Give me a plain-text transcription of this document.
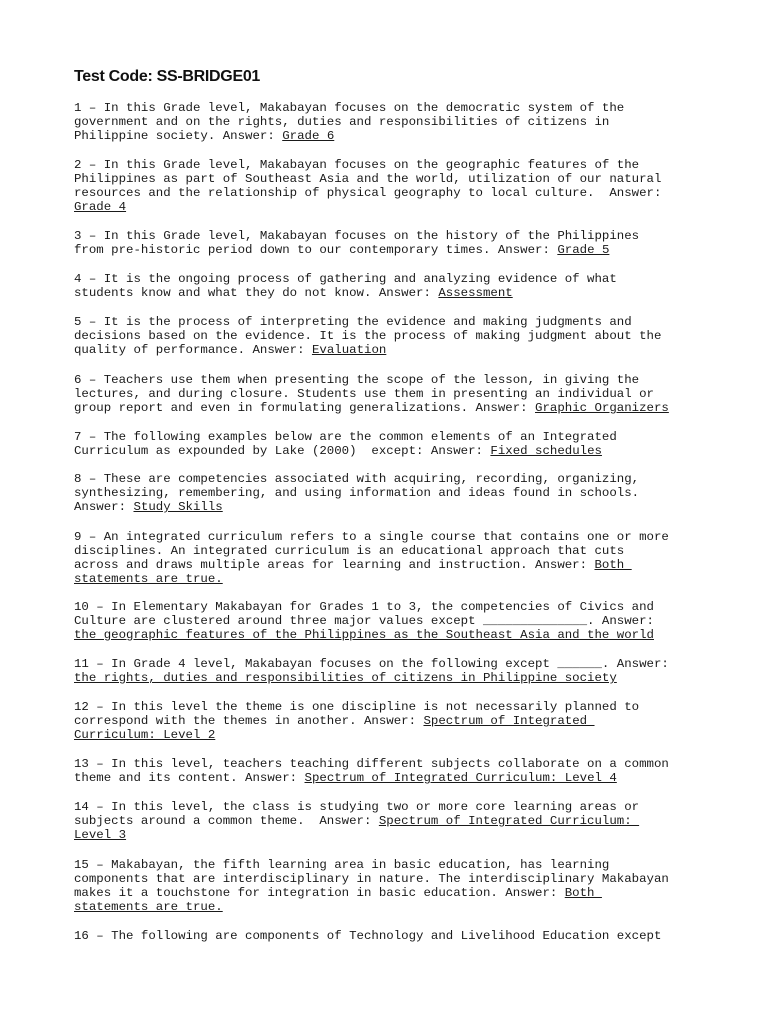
Test Code: SS-BRIDGE01
1 – In this Grade level, Makabayan focuses on the democratic system of the
government and on the rights, duties and responsibilities of citizens in
Philippine society. Answer: Grade 6
2 – In this Grade level, Makabayan focuses on the geographic features of the
Philippines as part of Southeast Asia and the world, utilization of our natural
resources and the relationship of physical geography to local culture.  Answer:
Grade 4
3 – In this Grade level, Makabayan focuses on the history of the Philippines
from pre-historic period down to our contemporary times. Answer: Grade 5
4 – It is the ongoing process of gathering and analyzing evidence of what
students know and what they do not know. Answer: Assessment
5 – It is the process of interpreting the evidence and making judgments and
decisions based on the evidence. It is the process of making judgment about the
quality of performance. Answer: Evaluation
6 – Teachers use them when presenting the scope of the lesson, in giving the
lectures, and during closure. Students use them in presenting an individual or
group report and even in formulating generalizations. Answer: Graphic Organizers
7 – The following examples below are the common elements of an Integrated
Curriculum as expounded by Lake (2000)  except: Answer: Fixed schedules
8 – These are competencies associated with acquiring, recording, organizing,
synthesizing, remembering, and using information and ideas found in schools.
Answer: Study Skills
9 – An integrated curriculum refers to a single course that contains one or more
disciplines. An integrated curriculum is an educational approach that cuts
across and draws multiple areas for learning and instruction. Answer: Both
statements are true.
10 – In Elementary Makabayan for Grades 1 to 3, the competencies of Civics and
Culture are clustered around three major values except ______________. Answer:
the geographic features of the Philippines as the Southeast Asia and the world
11 – In Grade 4 level, Makabayan focuses on the following except ______. Answer:
the rights, duties and responsibilities of citizens in Philippine society
12 – In this level the theme is one discipline is not necessarily planned to
correspond with the themes in another. Answer: Spectrum of Integrated
Curriculum: Level 2
13 – In this level, teachers teaching different subjects collaborate on a common
theme and its content. Answer: Spectrum of Integrated Curriculum: Level 4
14 – In this level, the class is studying two or more core learning areas or
subjects around a common theme.  Answer: Spectrum of Integrated Curriculum:
Level 3
15 – Makabayan, the fifth learning area in basic education, has learning
components that are interdisciplinary in nature. The interdisciplinary Makabayan
makes it a touchstone for integration in basic education. Answer: Both
statements are true.
16 – The following are components of Technology and Livelihood Education except
